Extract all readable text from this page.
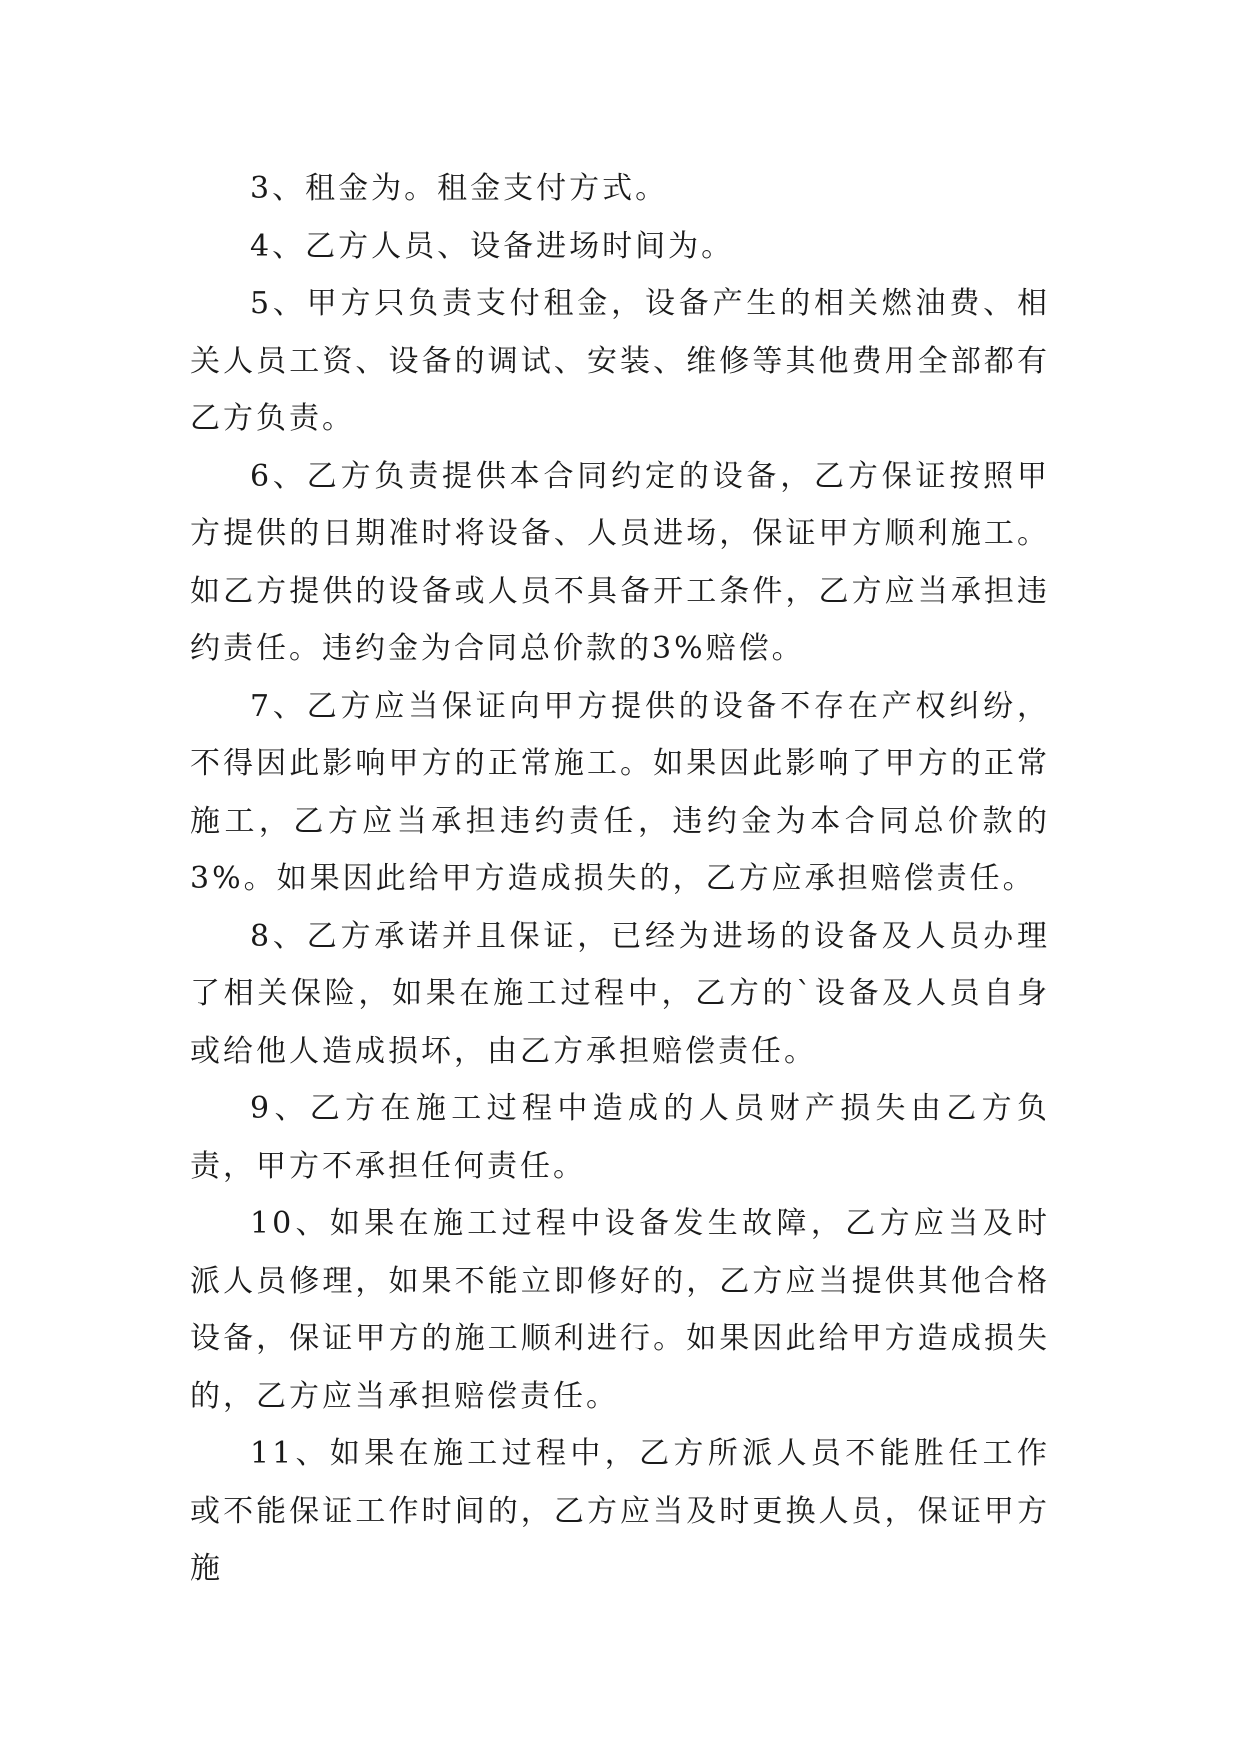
3、租金为。租金支付方式。

4、乙方人员、设备进场时间为。

5、甲方只负责支付租金，设备产生的相关燃油费、相关人员工资、设备的调试、安装、维修等其他费用全部都有乙方负责。

6、乙方负责提供本合同约定的设备，乙方保证按照甲方提供的日期准时将设备、人员进场，保证甲方顺利施工。如乙方提供的设备或人员不具备开工条件，乙方应当承担违约责任。违约金为合同总价款的3%赔偿。

7、乙方应当保证向甲方提供的设备不存在产权纠纷，不得因此影响甲方的正常施工。如果因此影响了甲方的正常施工，乙方应当承担违约责任，违约金为本合同总价款的3%。如果因此给甲方造成损失的，乙方应承担赔偿责任。

8、乙方承诺并且保证，已经为进场的设备及人员办理了相关保险，如果在施工过程中，乙方的`设备及人员自身或给他人造成损坏，由乙方承担赔偿责任。

9、乙方在施工过程中造成的人员财产损失由乙方负责，甲方不承担任何责任。

10、如果在施工过程中设备发生故障，乙方应当及时派人员修理，如果不能立即修好的，乙方应当提供其他合格设备，保证甲方的施工顺利进行。如果因此给甲方造成损失的，乙方应当承担赔偿责任。

11、如果在施工过程中，乙方所派人员不能胜任工作或不能保证工作时间的，乙方应当及时更换人员，保证甲方施
